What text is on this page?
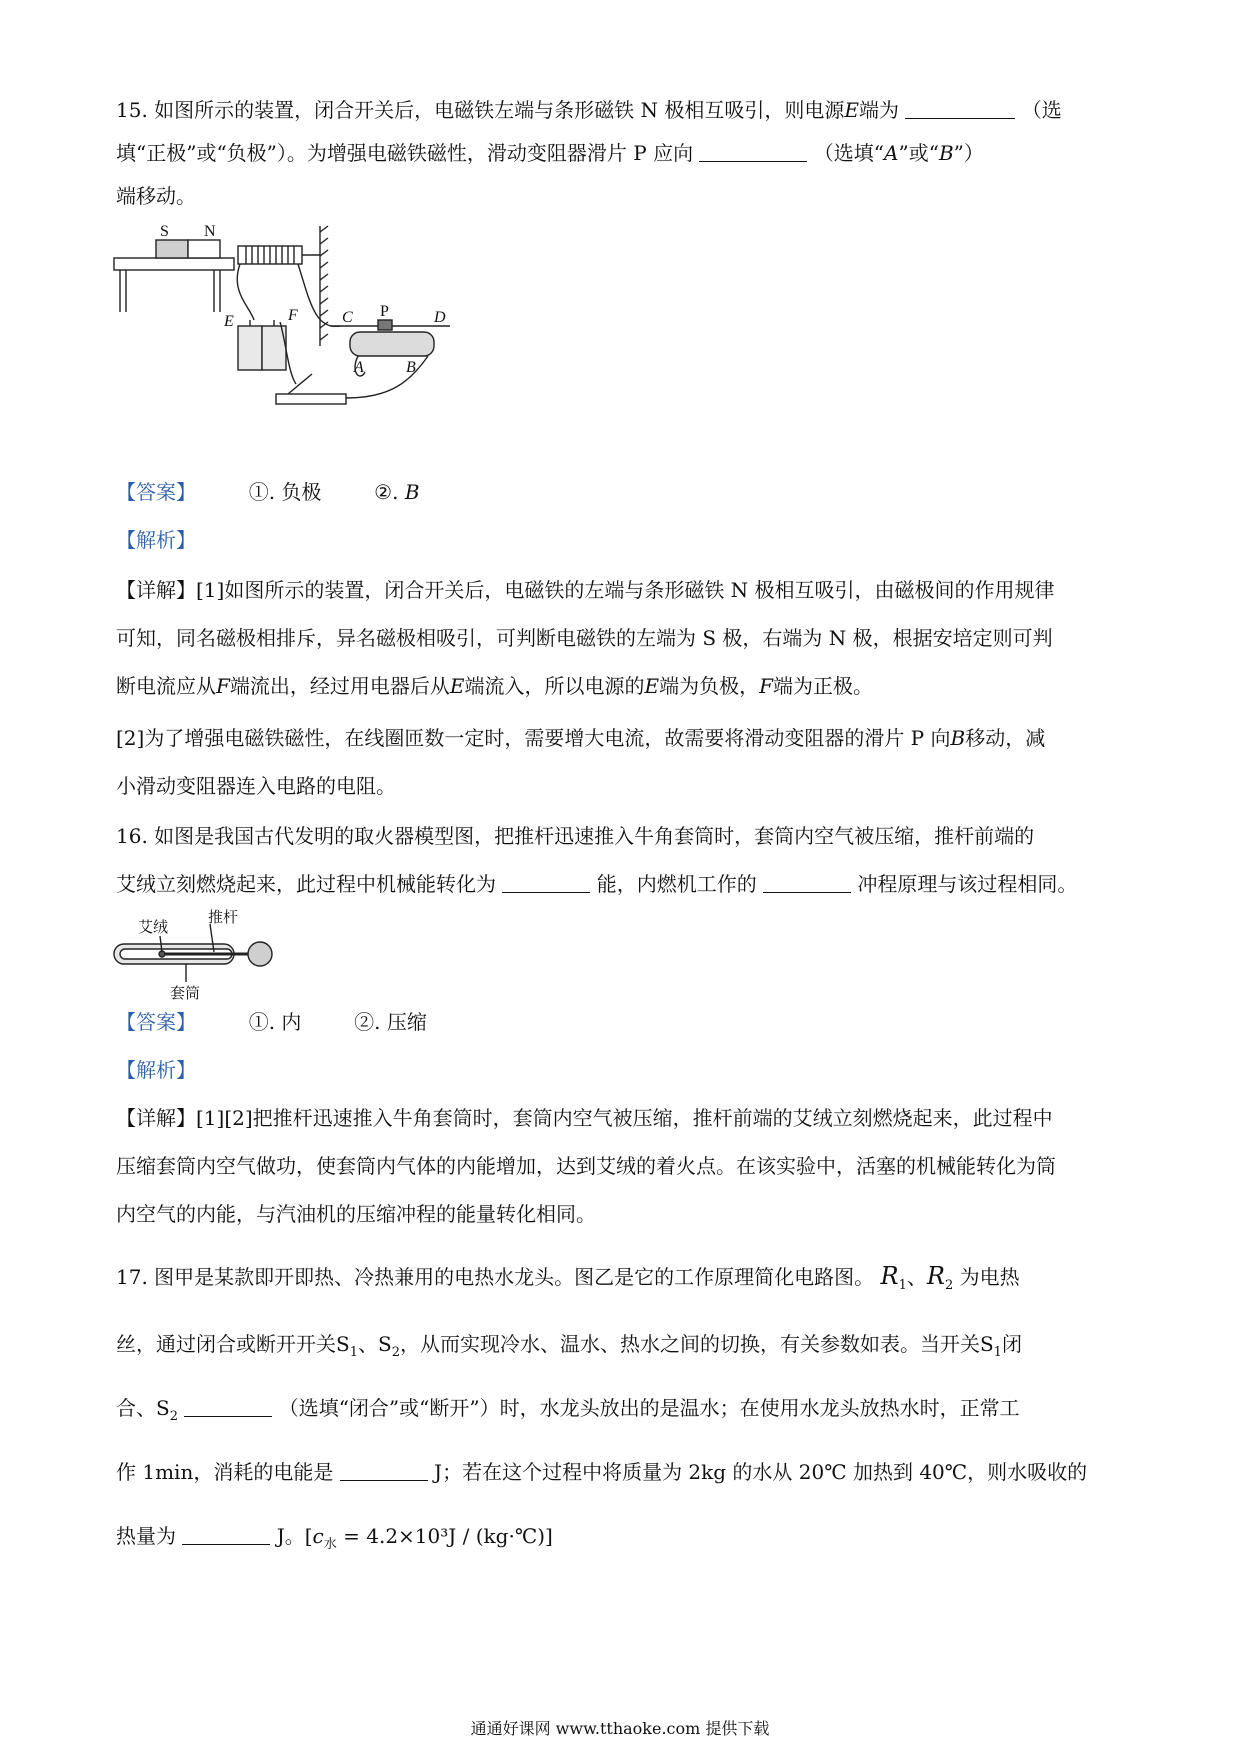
15. 如图所示的装置，闭合开关后，电磁铁左端与条形磁铁 N 极相互吸引，则电源E端为	（选
填“正极”或“负极”）。为增强电磁铁磁性，滑动变阻器滑片 P 应向	（选填“A”或“B”）
端移动。
S N
E	F	C P	D
A	B
【答案】	①. 负极	②. B
【解析】
【详解】[1]如图所示的装置，闭合开关后，电磁铁的左端与条形磁铁 N 极相互吸引，由磁极间的作用规律
可知，同名磁极相排斥，异名磁极相吸引，可判断电磁铁的左端为 S 极，右端为 N 极，根据安培定则可判
断电流应从F端流出，经过用电器后从E端流入，所以电源的E端为负极，F端为正极。
[2]为了增强电磁铁磁性，在线圈匝数一定时，需要增大电流，故需要将滑动变阻器的滑片 P 向B移动，减
小滑动变阻器连入电路的电阻。
16. 如图是我国古代发明的取火器模型图，把推杆迅速推入牛角套筒时，套筒内空气被压缩，推杆前端的
艾绒立刻燃烧起来，此过程中机械能转化为	能，内燃机工作的	冲程原理与该过程相同。
艾绒
推杆
套筒
【答案】	①. 内	②. 压缩
【解析】
【详解】[1][2]把推杆迅速推入牛角套筒时，套筒内空气被压缩，推杆前端的艾绒立刻燃烧起来，此过程中
压缩套筒内空气做功，使套筒内气体的内能增加，达到艾绒的着火点。在该实验中，活塞的机械能转化为筒
内空气的内能，与汽油机的压缩冲程的能量转化相同。
17. 图甲是某款即开即热、冷热兼用的电热水龙头。图乙是它的工作原理简化电路图。 $R_1$、$R_2$ 为电热
丝，通过闭合或断开开关$S_1$、$S_2$，从而实现冷水、温水、热水之间的切换，有关参数如表。当开关$S_1$闭
合、$S_2$	（选填“闭合”或“断开”）时，水龙头放出的是温水；在使用水龙头放热水时，正常工
作 1min，消耗的电能是	J；若在这个过程中将质量为 2kg 的水从 20℃ 加热到 40℃，则水吸收的
热量为	J。[$c_水 = 4.2\times 10^3J$ / (kg·℃)]
通通好课网 www.tthaoke.com 提供下载
